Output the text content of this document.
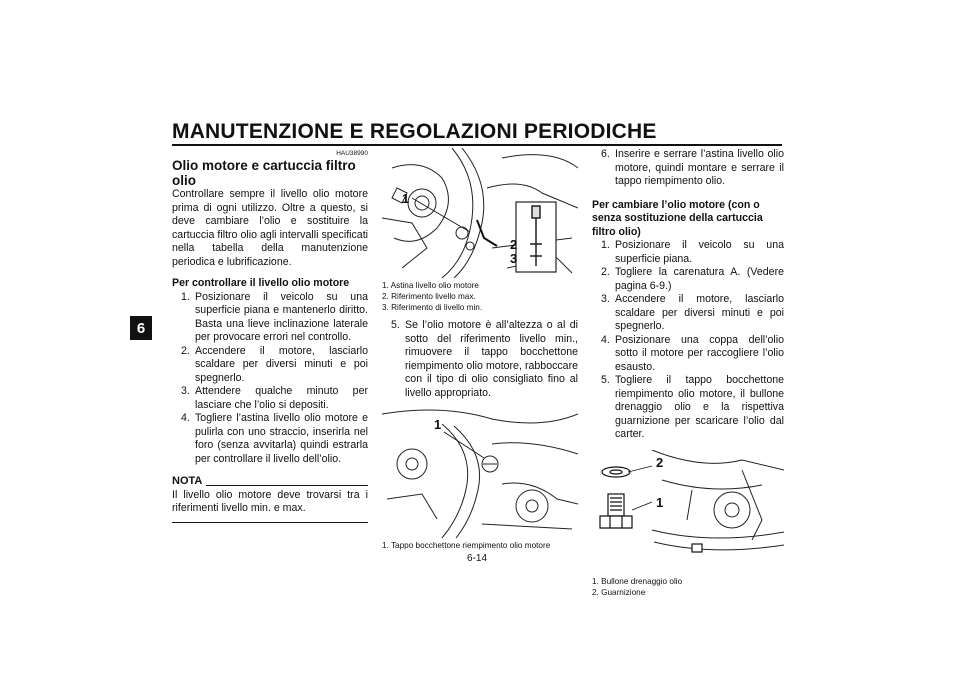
MANUTENZIONE E REGOLAZIONI PERIODICHE
6
HAU38990
Olio motore e cartuccia filtro olio

Controllare sempre il livello olio motore prima di ogni utilizzo. Oltre a questo, si deve cambiare l’olio e sostituire la cartuccia filtro olio agli intervalli specificati nella tabella della manutenzione periodica e lubrificazione.

Per controllare il livello olio motore
1. Posizionare il veicolo su una superficie piana e mantenerlo diritto. Basta una lieve inclinazione laterale per provocare errori nel controllo.
2. Accendere il motore, lasciarlo scaldare per diversi minuti e poi spegnerlo.
3. Attendere qualche minuto per lasciare che l’olio si depositi.
4. Togliere l’astina livello olio motore e pulirla con uno straccio, inserirla nel foro (senza avvitarla) quindi estrarla per controllare il livello dell’olio.
NOTA

Il livello olio motore deve trovarsi tra i riferimenti livello min. e max.

1
2
3
1. Astina livello olio motore
2. Riferimento livello max.
3. Riferimento di livello min.
5. Se l’olio motore è all’altezza o al di sotto del riferimento livello min., rimuovere il tappo bocchettone riempimento olio motore, rabboccare con il tipo di olio consigliato fino al livello appropriato.
1
1. Tappo bocchettone riempimento olio motore
6. Inserire e serrare l’astina livello olio motore, quindi montare e serrare il tappo riempimento olio.
Per cambiare l’olio motore (con o senza sostituzione della cartuccia filtro olio)
1. Posizionare il veicolo su una superficie piana.
2. Togliere la carenatura A. (Vedere pagina 6-9.)
3. Accendere il motore, lasciarlo scaldare per diversi minuti e poi spegnerlo.
4. Posizionare una coppa dell’olio sotto il motore per raccogliere l’olio esausto.
5. Togliere il tappo bocchettone riempimento olio motore, il bullone drenaggio olio e la rispettiva guarnizione per scaricare l’olio dal carter.
2
1
1. Bullone drenaggio olio
2. Guarnizione
6-14
